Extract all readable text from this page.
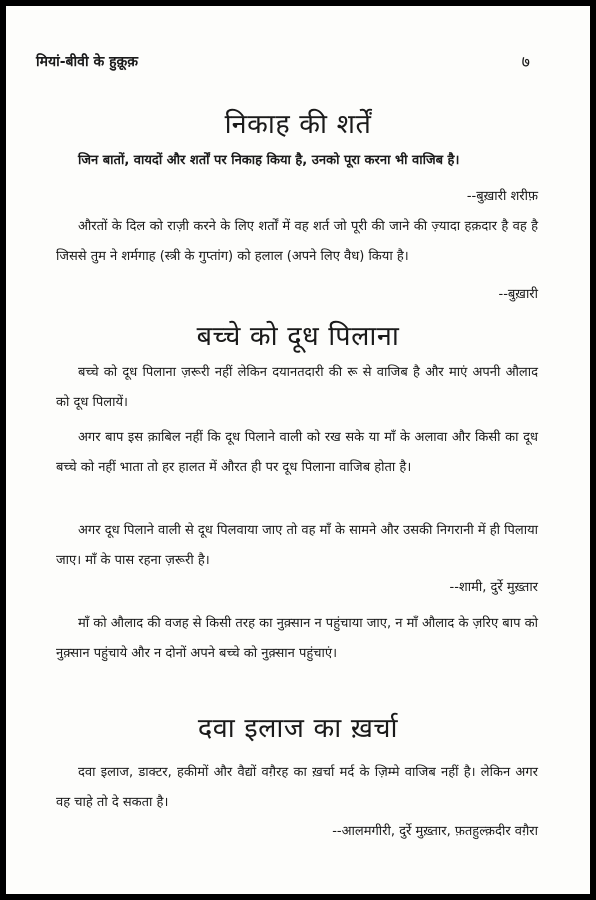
मियां-बीवी के हुक़ूक़	७
निकाह की शर्तें
जिन बातों, वायदों और शर्तों पर निकाह किया है, उनको पूरा करना भी वाजिब है।
--बुख़ारी शरीफ़
औरतों के दिल को राज़ी करने के लिए शर्तों में वह शर्त जो पूरी की जाने की ज़्यादा हक़दार है वह है जिससे तुम ने शर्मगाह (स्त्री के गुप्तांग) को हलाल (अपने लिए वैध) किया है।
--बुख़ारी
बच्चे को दूध पिलाना
बच्चे को दूध पिलाना ज़रूरी नहीं लेकिन दयानतदारी की रू से वाजिब है और माएं अपनी औलाद को दूध पिलायें।
अगर बाप इस क़ाबिल नहीं कि दूध पिलाने वाली को रख सके या माँ के अलावा और किसी का दूध बच्चे को नहीं भाता तो हर हालत में औरत ही पर दूध पिलाना वाजिब होता है।
अगर दूध पिलाने वाली से दूध पिलवाया जाए तो वह माँ के सामने और उसकी निगरानी में ही पिलाया जाए। माँ के पास रहना ज़रूरी है।
--शामी, दुर्रे मुख़्तार
माँ को औलाद की वजह से किसी तरह का नुक़्सान न पहुंचाया जाए, न माँ औलाद के ज़रिए बाप को नुक़्सान पहुंचाये और न दोनों अपने बच्चे को नुक़्सान पहुंचाएं।
दवा इलाज का ख़र्चा
दवा इलाज, डाक्टर, हकीमों और वैद्यों वग़ैरह का ख़र्चा मर्द के ज़िम्मे वाजिब नहीं है। लेकिन अगर वह चाहे तो दे सकता है।
--आलमगीरी, दुर्रे मुख़्तार, फ़तहुल्क़दीर वग़ैरा
